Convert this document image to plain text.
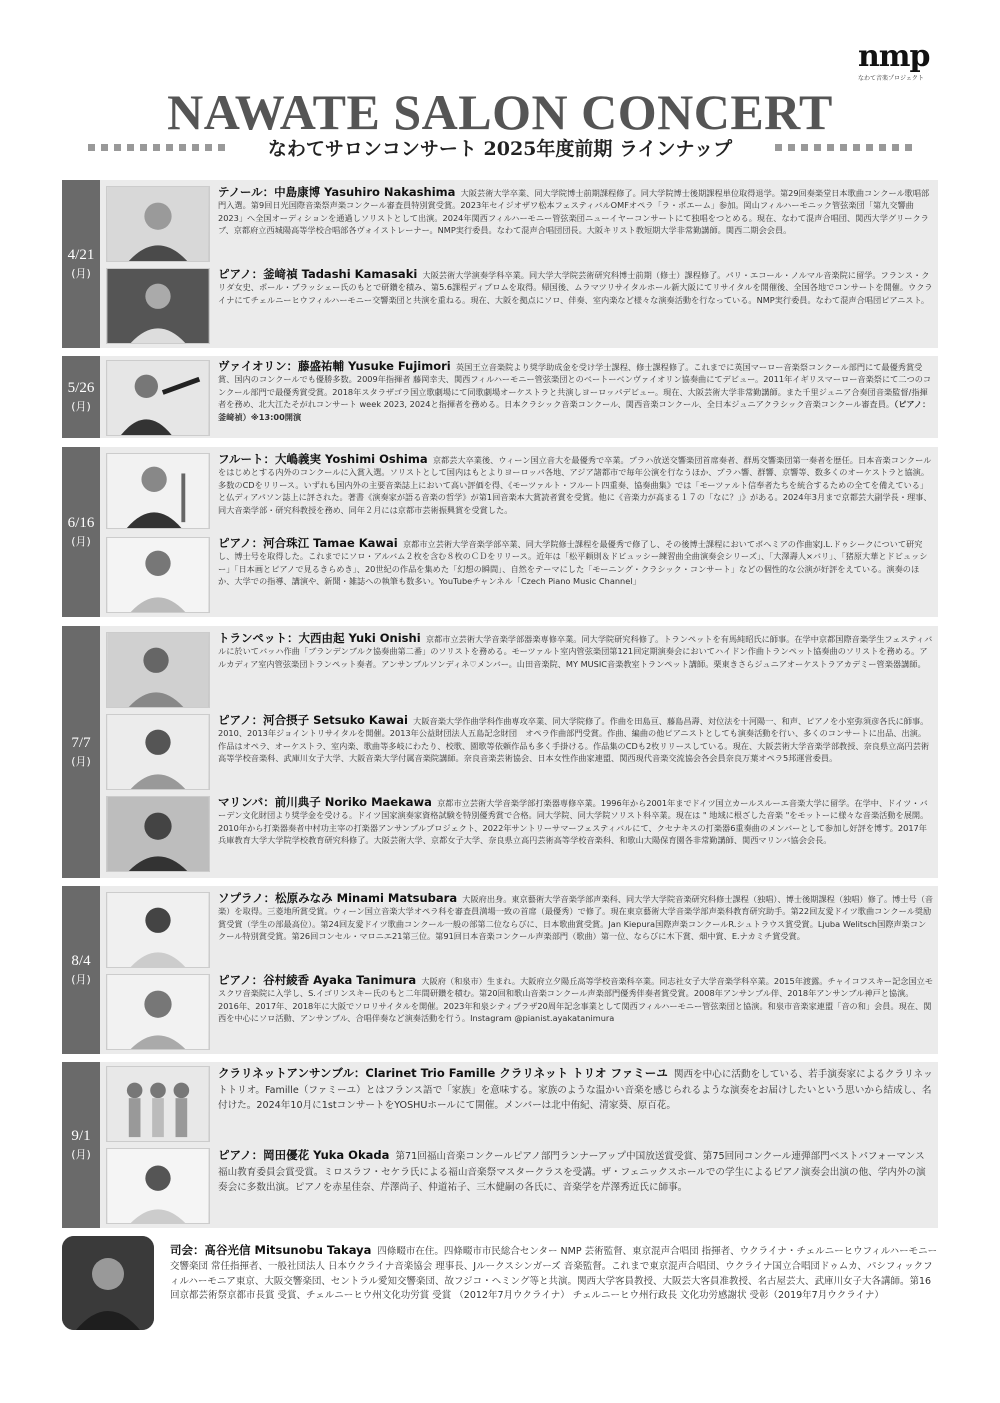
nmp
なわて音楽プロジェクト
NAWATE SALON CONCERT
なわてサロンコンサート 2025年度前期 ラインナップ
4/21
(月)
テノール：中島康博 Yasuhiro Nakashima 大阪芸術大学卒業、同大学院博士前期課程修了。同大学院博士後期課程単位取得退学。第29回奏楽堂日本歌曲コンクール歌唱部門入選。第9回日光国際音楽祭声楽コンクール審査員特別賞受賞。2023年セイジオザワ松本フェスティバルOMFオペラ「ラ・ボエーム」参加。岡山フィルハーモニック管弦楽団「第九交響曲2023」へ全国オーディションを通過しソリストとして出演。2024年関西フィルハーモニー管弦楽団ニューイヤーコンサートにて独唱をつとめる。現在、なわて混声合唱団、関西大学グリークラブ、京都府立西城陽高等学校合唱部各ヴォイストレーナー。NMP実行委員。なわて混声合唱団団長。大阪キリスト教短期大学非常勤講師。関西二期会会員。
ピアノ：釜﨑禎 Tadashi Kamasaki 大阪芸術大学演奏学科卒業。同大学大学院芸術研究科博士前期（修士）課程修了。パリ・エコール・ノルマル音楽院に留学。フランス・クリダ女史、ポール・ブラッシェー氏のもとで研鑽を積み、第5.6課程ディプロムを取得。帰国後、ムラマツリサイタルホール新大阪にてリサイタルを開催後、全国各地でコンサートを開催。ウクライナにてチェルニーヒウフィルハーモニー交響楽団と共演を重ねる。現在、大阪を拠点にソロ、伴奏、室内楽など様々な演奏活動を行なっている。NMP実行委員。なわて混声合唱団ピアニスト。
5/26
(月)
ヴァイオリン：藤盛祐輔 Yusuke Fujimori 英国王立音楽院より奨学助成金を受け学士課程、修士課程修了。これまでに英国マーロー音楽祭コンクール部門にて最優秀賞受賞、国内のコンクールでも優勝多数。2009年指揮者 藤岡幸夫、関西フィルハーモニー管弦楽団とのベートーベンヴァイオリン協奏曲にてデビュー。2011年イギリスマーロー音楽祭にて二つのコンクール部門で最優秀賞受賞。2018年スタラザゴラ国立歌劇場にて同歌劇場オーケストラと共演しヨーロッパデビュー。現在、大阪芸術大学非常勤講師。また千里ジュニア合奏団音楽監督/指揮者を務め、北大江たそがれコンサート week 2023, 2024と指揮者を務める。日本クラシック音楽コンクール、関西音楽コンクール、全日本ジュニアクラシック音楽コンクール審査員。（ピアノ：釜﨑禎）※13:00開演
6/16
(月)
フルート：大嶋義実 Yoshimi Oshima 京都芸大卒業後、ウィーン国立音大を最優秀で卒業。プラハ放送交響楽団首席奏者、群馬交響楽団第一奏者を歴任。日本音楽コンクールをはじめとする内外のコンクールに入賞入選。ソリストとして国内はもとよりヨーロッパ各地、アジア諸都市で毎年公演を行なうほか、プラハ響、群響、京響等、数多くのオーケストラと協演。多数のCDをリリース。いずれも国内外の主要音楽誌上において高い評価を得、《モーツァルト・フルート四重奏、協奏曲集》では「モーツァルト信奉者たちを統合するための全てを備えている」と仏ディアパソン誌上に評された。著書《演奏家が語る音楽の哲学》が第1回音楽本大賞読者賞を受賞。他に《音楽力が高まる１７の「なに？」》がある。2024年3月まで京都芸大副学長・理事、同大音楽学部・研究科教授を務め、同年２月には京都市芸術振興賞を受賞した。
ピアノ：河合珠江 Tamae Kawai 京都市立芸術大学音楽学部卒業、同大学院修士課程を最優秀で修了し、その後博士課程においてボヘミアの作曲家J.L.ドゥシークについて研究し、博士号を取得した。これまでにソロ・アルバム２枚を含む８枚のＣＤをリリース。近年は「松平頼則＆ドビュッシー練習曲全曲演奏会シリーズ」、「大澤壽人×バリ」、「猪原大華とドビュッシー」「日本画とピアノで見るきらめき」、20世紀の作品を集めた「幻想の瞬間」、自然をテーマにした「モーニング・クラシック・コンサート」などの個性的な公演が好評をえている。演奏のほか、大学での指導、講演や、新聞・雑誌への執筆も数多い。YouTubeチャンネル「Czech Piano Music Channel」
7/7
(月)
トランペット：大西由起 Yuki Onishi 京都市立芸術大学音楽学部器楽専修卒業。同大学院研究科修了。トランペットを有馬純昭氏に師事。在学中京都国際音楽学生フェスティバルに於いてバッハ作曲「ブランデンブルク協奏曲第二番」のソリストを務める。モーツァルト室内管弦楽団第121回定期演奏会においてハイドン作曲トランペット協奏曲のソリストを務める。アルカディア室内管弦楽団トランペット奏者。アンサンブルソンディネ♡メンバー。山田音楽院、MY MUSIC音楽教室トランペット講師。栗東きさらジュニアオーケストラアカデミー管楽器講師。
ピアノ：河合摂子 Setsuko Kawai 大阪音楽大学作曲学科作曲専攻卒業、同大学院修了。作曲を田島亘、藤島昌壽、対位法を十河陽一、和声、ピアノを小室弥須彦各氏に師事。2010、2013年ジョイントリサイタルを開催。2013年公益財団法人五島記念財団　オペラ作曲部門受賞。作曲、編曲の他ピアニストとしても演奏活動を行い、多くのコンサートに出品、出演。作品はオペラ、オーケストラ、室内楽、歌曲等多岐にわたり、校歌、園歌等依頼作品も多く手掛ける。作品集のCDも2枚リリースしている。現在、大阪芸術大学音楽学部教授、奈良県立高円芸術高等学校音楽科、武庫川女子大学、大阪音楽大学付属音楽院講師。奈良音楽芸術協会、日本女性作曲家連盟、関西現代音楽交流協会各会員奈良万葉オペラ5邦運営委員。
マリンバ：前川典子 Noriko Maekawa 京都市立芸術大学音楽学部打楽器専修卒業。1996年から2001年までドイツ国立カールスルーエ音楽大学に留学。在学中、ドイツ・バーデン文化財団より奨学金を受ける。ドイツ国家演奏家資格試験を特別優秀賞で合格。同大学院、同大学院ソリスト科卒業。現在は " 地域に根ざした音楽 "をモットーに様々な音楽活動を展開。2010年から打楽器奏者中村功主宰の打楽器アンサンブルプロジェクト、2022年サントリーサマーフェスティバルにて、クセナキスの打楽器6重奏曲のメンバーとして参加し好評を博す。2017年兵庫教育大学大学院学校教育研究科修了。大阪芸術大学、京都女子大学、奈良県立高円芸術高等学校音楽科、和歌山大陽保育園各非常勤講師、関西マリンバ協会会長。
8/4
(月)
ソプラノ：松原みなみ Minami Matsubara 大阪府出身。東京藝術大学音楽学部声楽科、同大学大学院音楽研究科修士課程（独唱）、博士後期課程（独唱）修了。博士号（音楽）を取得。三菱地所賞受賞。ウィーン国立音楽大学オペラ科を審査員満場一致の首席（最優秀）で修了。現在東京藝術大学音楽学部声楽科教育研究助手。第22回友愛ドイツ歌曲コンクール奨励賞受賞（学生の部最高位）。第24回友愛ドイツ歌曲コンクール一般の部第二位ならびに、日本歌曲賞受賞。Jan Kiepura国際声楽コンクールR.シュトラウス賞受賞。Ljuba Welitsch国際声楽コンクール特別賞受賞。第26回コンセル・マロニエ21第三位。第91回日本音楽コンクール声楽部門（歌曲）第一位、ならびに木下賞、畑中賞、E.ナカミチ賞受賞。
ピアノ：谷村綾香 Ayaka Tanimura 大阪府（和泉市）生まれ。大阪府立夕陽丘高等学校音楽科卒業。同志社女子大学音楽学科卒業。2015年渡露。チャイコフスキー記念国立モスクワ音楽院に入学し、S.イゴリンスキー氏のもと二年間研鑽を積む。第20回和歌山音楽コンクール声楽部門優秀伴奏者賞受賞。2008年アンサンブル伴、2018年アンサンブル神戸と協演。2016年、2017年、2018年に大阪でソロリサイタルを開催。2023年和泉シティプラザ20周年記念事業として関西フィルハーモニー管弦楽団と協演。和泉市音楽家連盟「音の和」会員。現在、関西を中心にソロ活動、アンサンブル、合唱伴奏など演奏活動を行う。Instagram @pianist.ayakatanimura
9/1
(月)
クラリネットアンサンブル：Clarinet Trio Famille クラリネット トリオ ファミーユ 関西を中心に活動をしている、若手演奏家によるクラリネットトリオ。Famille（ファミーユ）とはフランス語で「家族」を意味する。家族のような温かい音楽を感じられるような演奏をお届けしたいという思いから結成し、名付けた。2024年10月に1stコンサートをYOSHUホールにて開催。メンバーは北中侑紀、清家葵、原百花。
ピアノ：岡田優花 Yuka Okada 第71回福山音楽コンクールピアノ部門ランナーアップ中国放送賞受賞、第75回同コンクール連弾部門ベストパフォーマンス福山教育委員会賞受賞。ミロスラフ・セケラ氏による福山音楽祭マスタークラスを受講。ザ・フェニックスホールでの学生によるピアノ演奏会出演の他、学内外の演奏会に多数出演。ピアノを赤星佳奈、芹澤尚子、仲道祐子、三木健嗣の各氏に、音楽学を芹澤秀近氏に師事。
司会：髙谷光信 Mitsunobu Takaya 四條畷市在住。四條畷市市民総合センター NMP 芸術監督、東京混声合唱団 指揮者、ウクライナ・チェルニーヒウフィルハーモニー交響楽団 常任指揮者、一般社団法人 日本ウクライナ音楽協会 理事長、Jルークスシンガーズ 音楽監督。これまで東京混声合唱団、ウクライナ国立合唱団ドゥムカ、パシフィックフィルハーモニア東京、大阪交響楽団、セントラル愛知交響楽団、故フジコ・ヘミング等と共演。関西大学客員教授、大阪芸大客員准教授、名古屋芸大、武庫川女子大各講師。第16回京都芸術祭京都市長賞 受賞、チェルニーヒウ州文化功労賞 受賞 （2012年7月ウクライナ） チェルニーヒウ州行政長 文化功労感謝状 受彰（2019年7月ウクライナ）
